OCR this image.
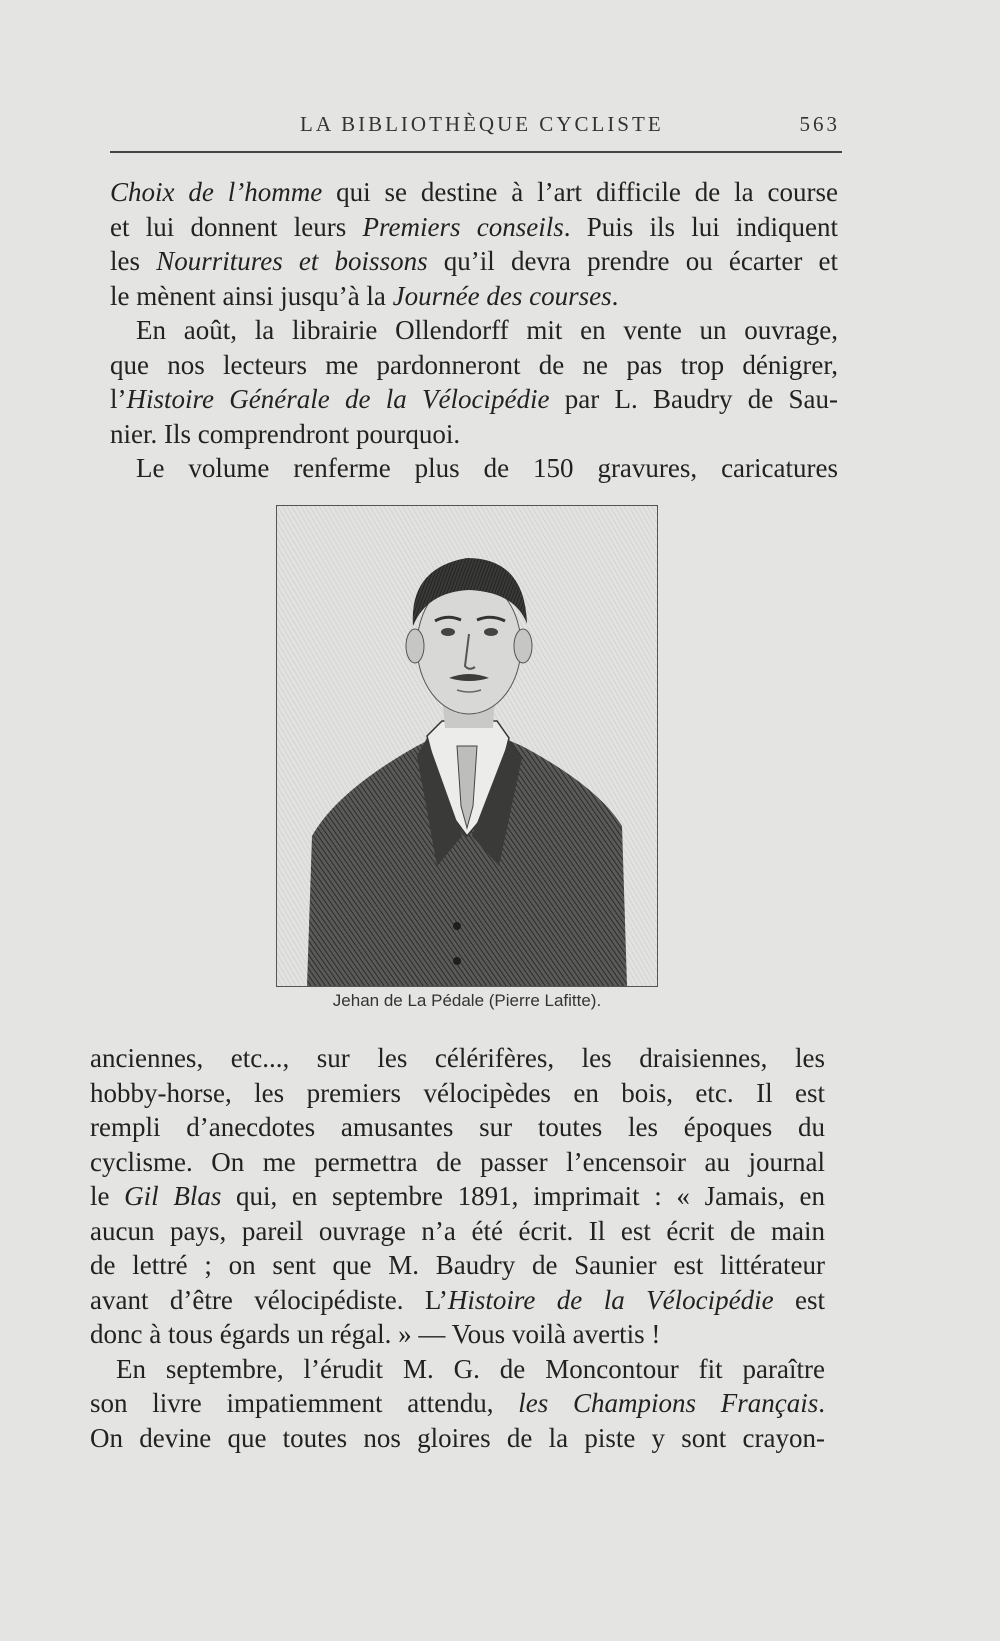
LA BIBLIOTHÈQUE CYCLISTE	563

Choix de l’homme qui se destine à l’art difficile de la course

et lui donnent leurs Premiers conseils. Puis ils lui indiquent

les Nourritures et boissons qu’il devra prendre ou écarter et

le mènent ainsi jusqu’à la Journée des courses.

En août, la librairie Ollendorff mit en vente un ouvrage,

que nos lecteurs me pardonneront de ne pas trop dénigrer,

l’Histoire Générale de la Vélocipédie par L. Baudry de Sau-

nier. Ils comprendront pourquoi.

Le volume renferme plus de 150 gravures, caricatures

Jehan de La Pédale (Pierre Lafitte).

anciennes, etc..., sur les célérifères, les draisiennes, les

hobby-horse, les premiers vélocipèdes en bois, etc. Il est

rempli d’anecdotes amusantes sur toutes les époques du

cyclisme. On me permettra de passer l’encensoir au journal

le Gil Blas qui, en septembre 1891, imprimait : « Jamais, en

aucun pays, pareil ouvrage n’a été écrit. Il est écrit de main

de lettré ; on sent que M. Baudry de Saunier est littérateur

avant d’être vélocipédiste. L’Histoire de la Vélocipédie est

donc à tous égards un régal. » — Vous voilà avertis !

En septembre, l’érudit M. G. de Moncontour fit paraître

son livre impatiemment attendu, les Champions Français.

On devine que toutes nos gloires de la piste y sont crayon-
